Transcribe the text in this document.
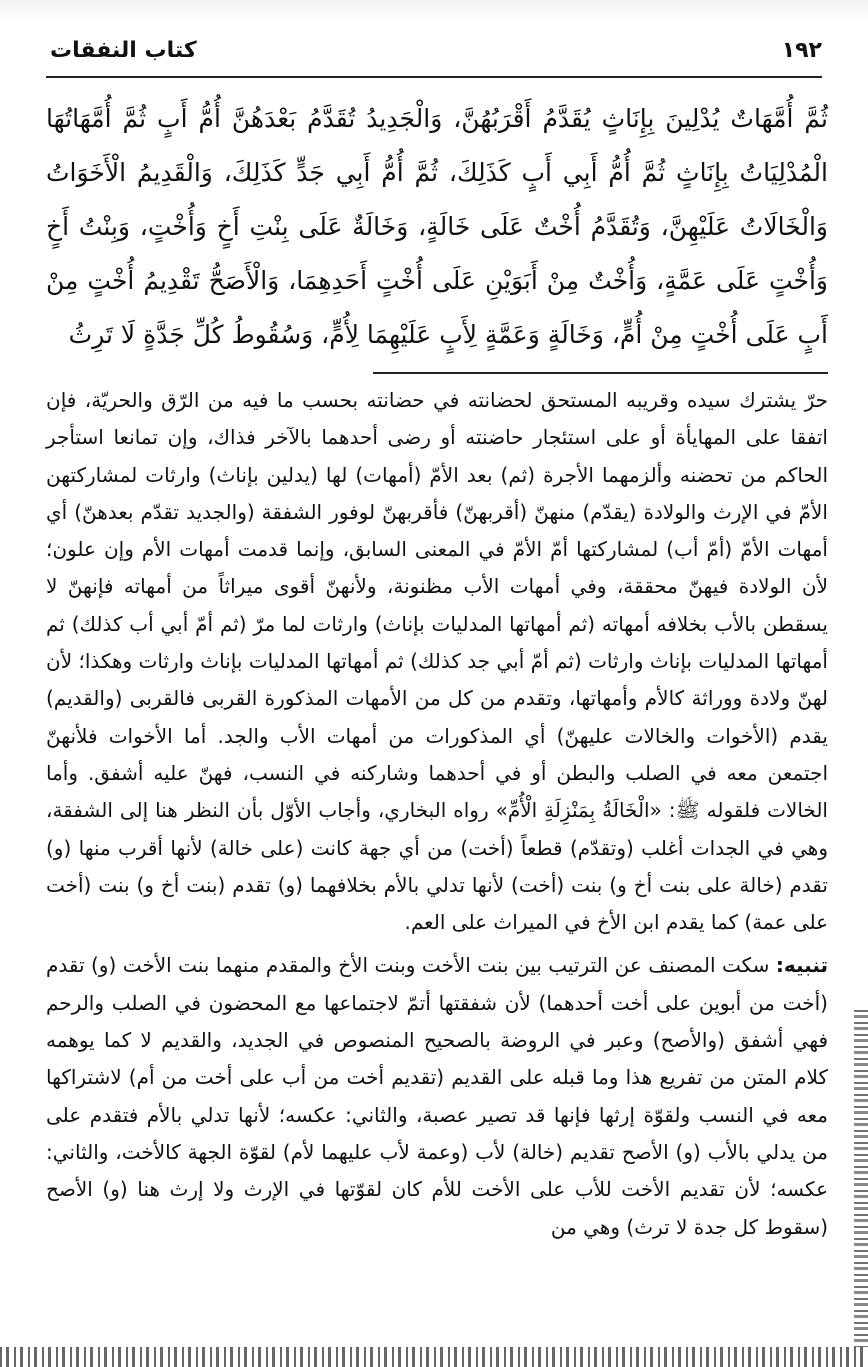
١٩٢
كتاب النفقات

ثُمَّ أُمَّهَاتٌ يُدْلِينَ بِإِنَاثٍ يُقَدَّمُ أَقْرَبُهُنَّ، وَالْجَدِيدُ تُقَدَّمُ بَعْدَهُنَّ أُمُّ أَبٍ ثُمَّ أُمَّهَاتُهَا الْمُدْلِيَاتُ بِإِنَاثٍ ثُمَّ أُمُّ أَبِي أَبٍ كَذَلِكَ، ثُمَّ أُمُّ أَبِي جَدٍّ كَذَلِكَ، وَالْقَدِيمُ الْأَخَوَاتُ وَالْخَالَاتُ عَلَيْهِنَّ، وَتُقَدَّمُ أُخْتٌ عَلَى خَالَةٍ، وَخَالَةٌ عَلَى بِنْتِ أَخٍ وَأُخْتٍ، وَبِنْتُ أَخٍ وَأُخْتٍ عَلَى عَمَّةٍ، وَأُخْتٌ مِنْ أَبَوَيْنِ عَلَى أُخْتٍ أَحَدِهِمَا، وَالْأَصَحُّ تَقْدِيمُ أُخْتٍ مِنْ أَبٍ عَلَى أُخْتٍ مِنْ أُمٍّ، وَخَالَةٍ وَعَمَّةٍ لِأَبٍ عَلَيْهِمَا لِأُمٍّ، وَسُقُوطُ كُلِّ جَدَّةٍ لَا تَرِثُ

حرّ يشترك سيده وقريبه المستحق لحضانته في حضانته بحسب ما فيه من الرّق والحريّة، فإن اتفقا على المهايأة أو على استئجار حاضنته أو رضى أحدهما بالآخر فذاك، وإن تمانعا استأجر الحاكم من تحضنه وألزمهما الأجرة (ثم) بعد الأمّ (أمهات) لها (يدلين بإناث) وارثات لمشاركتهن الأمّ في الإرث والولادة (يقدّم) منهنّ (أقربهنّ) فأقربهنّ لوفور الشفقة (والجديد تقدّم بعدهنّ) أي أمهات الأمّ (أمّ أب) لمشاركتها أمّ الأمّ في المعنى السابق، وإنما قدمت أمهات الأم وإن علون؛ لأن الولادة فيهنّ محققة، وفي أمهات الأب مظنونة، ولأنهنّ أقوى ميراثاً من أمهاته فإنهنّ لا يسقطن بالأب بخلافه أمهاته (ثم أمهاتها المدليات بإناث) وارثات لما مرّ (ثم أمّ أبي أب كذلك) ثم أمهاتها المدليات بإناث وارثات (ثم أمّ أبي جد كذلك) ثم أمهاتها المدليات بإناث وارثات وهكذا؛ لأن لهنّ ولادة ووراثة كالأم وأمهاتها، وتقدم من كل من الأمهات المذكورة القربى فالقربى (والقديم) يقدم (الأخوات والخالات عليهنّ) أي المذكورات من أمهات الأب والجد. أما الأخوات فلأنهنّ اجتمعن معه في الصلب والبطن أو في أحدهما وشاركنه في النسب، فهنّ عليه أشفق. وأما الخالات فلقوله ﷺ: «الْخَالَةُ بِمَنْزِلَةِ الْأُمِّ» رواه البخاري، وأجاب الأوّل بأن النظر هنا إلى الشفقة، وهي في الجدات أغلب (وتقدّم) قطعاً (أخت) من أي جهة كانت (على خالة) لأنها أقرب منها (و) تقدم (خالة على بنت أخ و) بنت (أخت) لأنها تدلي بالأم بخلافهما (و) تقدم (بنت أخ و) بنت (أخت على عمة) كما يقدم ابن الأخ في الميراث على العم.

تنبيه: سكت المصنف عن الترتيب بين بنت الأخت وبنت الأخ والمقدم منهما بنت الأخت (و) تقدم (أخت من أبوين على أخت أحدهما) لأن شفقتها أتمّ لاجتماعها مع المحضون في الصلب والرحم فهي أشفق (والأصح) وعبر في الروضة بالصحيح المنصوص في الجديد، والقديم لا كما يوهمه كلام المتن من تفريع هذا وما قبله على القديم (تقديم أخت من أب على أخت من أم) لاشتراكها معه في النسب ولقوّة إرثها فإنها قد تصير عصبة، والثاني: عكسه؛ لأنها تدلي بالأم فتقدم على من يدلي بالأب (و) الأصح تقديم (خالة) لأب (وعمة لأب عليهما لأم) لقوّة الجهة كالأخت، والثاني: عكسه؛ لأن تقديم الأخت للأب على الأخت للأم كان لقوّتها في الإرث ولا إرث هنا (و) الأصح (سقوط كل جدة لا ترث) وهي من
